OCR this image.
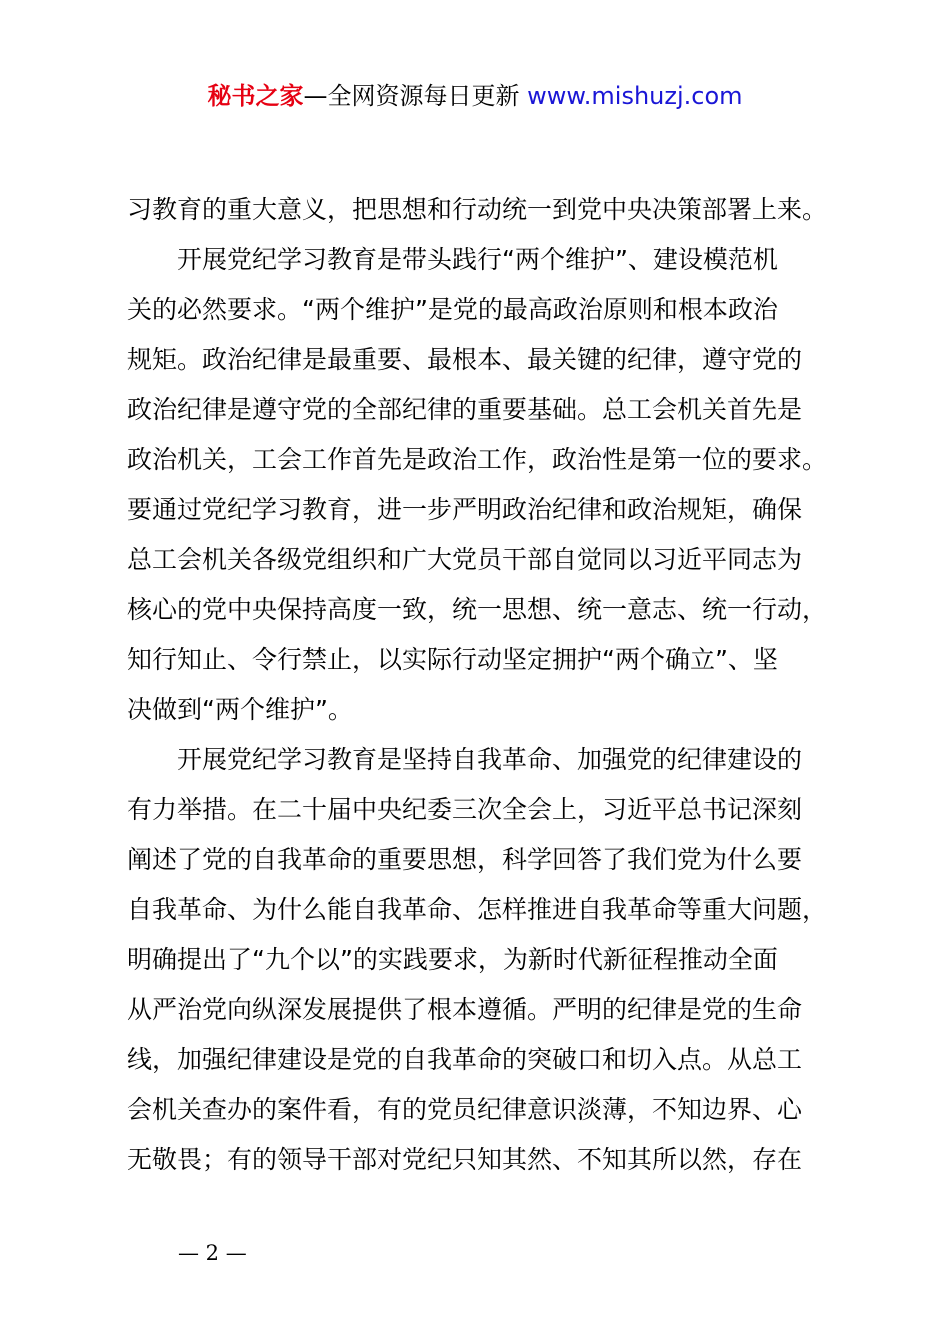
秘书之家—全网资源每日更新 www.mishuzj.com
习教育的重大意义，把思想和行动统一到党中央决策部署上来。
开展党纪学习教育是带头践行“两个维护”、建设模范机
关的必然要求。“两个维护”是党的最高政治原则和根本政治
规矩。政治纪律是最重要、最根本、最关键的纪律，遵守党的
政治纪律是遵守党的全部纪律的重要基础。总工会机关首先是
政治机关，工会工作首先是政治工作，政治性是第一位的要求。
要通过党纪学习教育，进一步严明政治纪律和政治规矩，确保
总工会机关各级党组织和广大党员干部自觉同以习近平同志为
核心的党中央保持高度一致，统一思想、统一意志、统一行动，
知行知止、令行禁止，以实际行动坚定拥护“两个确立”、坚
决做到“两个维护”。
开展党纪学习教育是坚持自我革命、加强党的纪律建设的
有力举措。在二十届中央纪委三次全会上，习近平总书记深刻
阐述了党的自我革命的重要思想，科学回答了我们党为什么要
自我革命、为什么能自我革命、怎样推进自我革命等重大问题，
明确提出了“九个以”的实践要求，为新时代新征程推动全面
从严治党向纵深发展提供了根本遵循。严明的纪律是党的生命
线，加强纪律建设是党的自我革命的突破口和切入点。从总工
会机关查办的案件看，有的党员纪律意识淡薄，不知边界、心
无敬畏；有的领导干部对党纪只知其然、不知其所以然，存在
— 2 —
